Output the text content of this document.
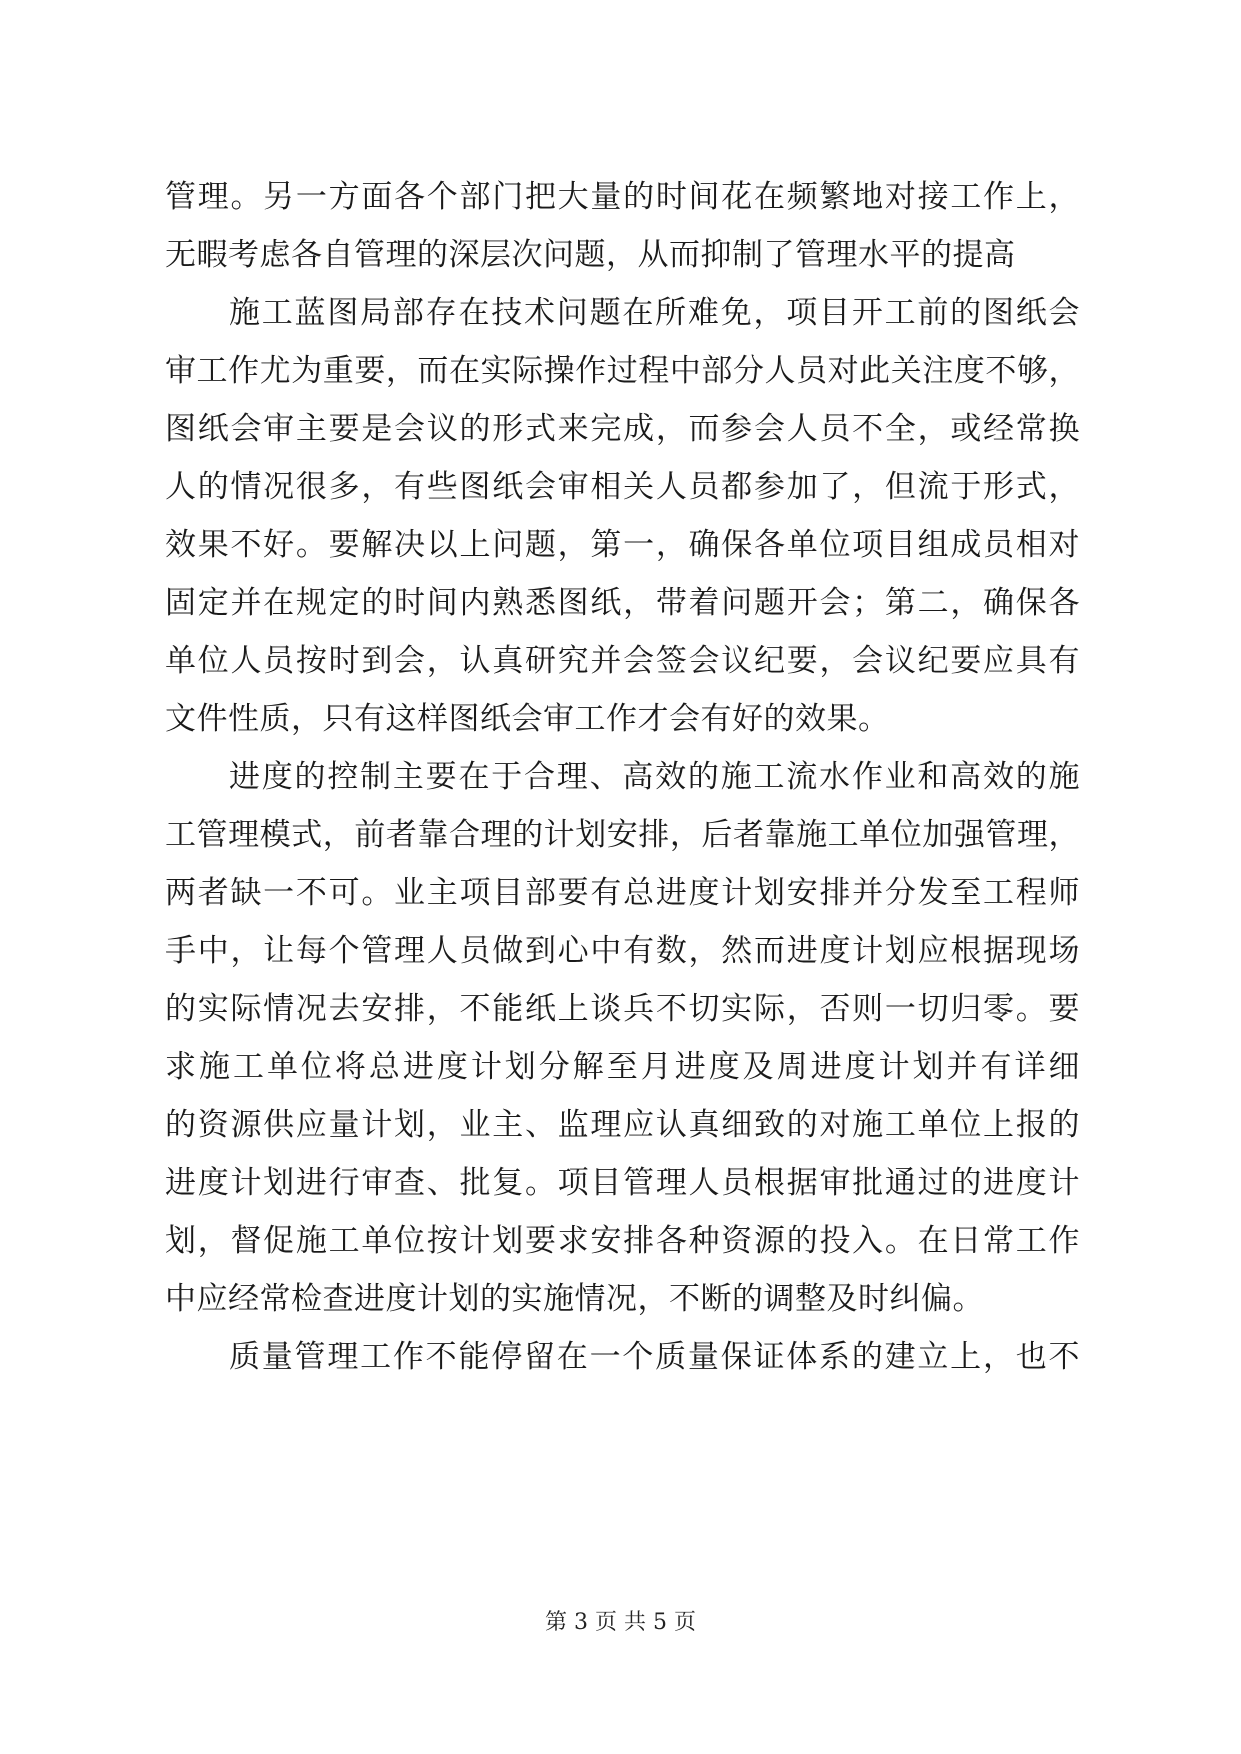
管理。另一方面各个部门把大量的时间花在频繁地对接工作上，
无暇考虑各自管理的深层次问题，从而抑制了管理水平的提高
施工蓝图局部存在技术问题在所难免，项目开工前的图纸会
审工作尤为重要，而在实际操作过程中部分人员对此关注度不够，
图纸会审主要是会议的形式来完成，而参会人员不全，或经常换
人的情况很多，有些图纸会审相关人员都参加了，但流于形式，
效果不好。要解决以上问题，第一，确保各单位项目组成员相对
固定并在规定的时间内熟悉图纸，带着问题开会；第二，确保各
单位人员按时到会，认真研究并会签会议纪要，会议纪要应具有
文件性质，只有这样图纸会审工作才会有好的效果。
进度的控制主要在于合理、高效的施工流水作业和高效的施
工管理模式，前者靠合理的计划安排，后者靠施工单位加强管理，
两者缺一不可。业主项目部要有总进度计划安排并分发至工程师
手中，让每个管理人员做到心中有数，然而进度计划应根据现场
的实际情况去安排，不能纸上谈兵不切实际，否则一切归零。要
求施工单位将总进度计划分解至月进度及周进度计划并有详细
的资源供应量计划，业主、监理应认真细致的对施工单位上报的
进度计划进行审查、批复。项目管理人员根据审批通过的进度计
划，督促施工单位按计划要求安排各种资源的投入。在日常工作
中应经常检查进度计划的实施情况，不断的调整及时纠偏。
质量管理工作不能停留在一个质量保证体系的建立上，也不
第 3 页 共 5 页
